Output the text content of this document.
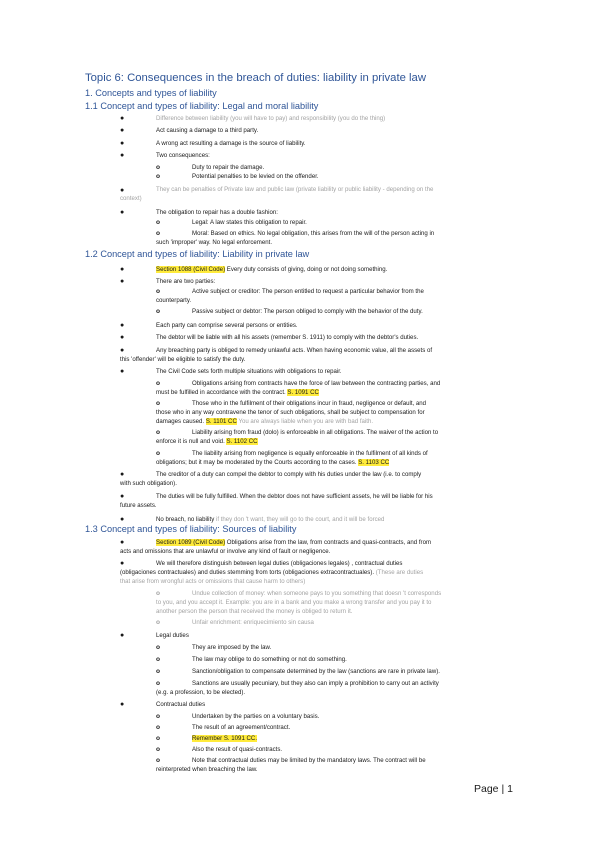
Topic 6: Consequences in the breach of duties: liability in private law
1. Concepts and types of liability
1.1 Concept and types of liability: Legal and moral liability
●	Difference between liability (you will have to pay) and responsibility (you do the thing)
●	Act causing a damage to a third party.
●	A wrong act resulting a damage is the source of liability.
●	Two consequences:
o	Duty to repair the damage.
o	Potential penalties to be levied on the offender.
●	They can be penalties of Private law and public law (private liability or public liability - depending on the
context)
●	The obligation to repair has a double fashion:
o	Legal: A law states this obligation to repair.
o	Moral: Based on ethics. No legal obligation, this arises from the will of the person acting in
such 'improper' way. No legal enforcement.
1.2 Concept and types of liability: Liability in private law
●	Section 1088 (Civil Code) Every duty consists of giving, doing or not doing something.
●	There are two parties:
o	Active subject or creditor: The person entitled to request a particular behavior from the
counterparty.
o	Passive subject or debtor: The person obliged to comply with the behavior of the duty.
●	Each party can comprise several persons or entities.
●	The debtor will be liable with all his assets (remember S. 1911) to comply with the debtor's duties.
●	Any breaching party is obliged to remedy unlawful acts. When having economic value, all the assets of
this 'offender' will be eligible to satisfy the duty.
●	The Civil Code sets forth multiple situations with obligations to repair.
o	Obligations arising from contracts have the force of law between the contracting parties, and
must be fulfilled in accordance with the contract. S. 1091 CC
o	Those who in the fulfilment of their obligations incur in fraud, negligence or default, and
those who in any way contravene the tenor of such obligations, shall be subject to compensation for
damages caused. S. 1101 CC You are always liable when you are with bad faith.
o	Liability arising from fraud (dolo) is enforceable in all obligations. The waiver of the action to
enforce it is null and void. S. 1102 CC
o	The liability arising from negligence is equally enforceable in the fulfilment of all kinds of
obligations; but it may be moderated by the Courts according to the cases. S. 1103 CC
●	The creditor of a duty can compel the debtor to comply with his duties under the law (i.e. to comply
with such obligation).
●	The duties will be fully fulfilled. When the debtor does not have sufficient assets, he will be liable for his
future assets.
●	No breach, no liability if they don 't want, they will go to the court, and it will be forced
1.3 Concept and types of liability: Sources of liability
●	Section 1089 (Civil Code) Obligations arise from the law, from contracts and quasi-contracts, and from
acts and omissions that are unlawful or involve any kind of fault or negligence.
●	We will therefore distinguish between legal duties (obligaciones legales) , contractual duties
(obligaciones contractuales) and duties stemming from torts (obligaciones extracontractuales). (These are duties
that arise from wrongful acts or omissions that cause harm to others)
o	Undue collection of money: when someone pays to you something that doesn 't corresponds
to you, and you accept it. Example: you are in a bank and you make a wrong transfer and you pay it to
another person the person that received the money is obliged to return it.
o	Unfair enrichment: enriquecimiento sin causa
●	Legal duties
o	They are imposed by the law.
o	The law may oblige to do something or not do something.
o	Sanction/obligation to compensate determined by the law (sanctions are rare in private law).
o	Sanctions are usually pecuniary, but they also can imply a prohibition to carry out an activity
(e.g. a profession, to be elected).
●	Contractual duties
o	Undertaken by the parties on a voluntary basis.
o	The result of an agreement/contract.
o	Remember S. 1091 CC.
o	Also the result of quasi-contracts.
o	Note that contractual duties may be limited by the mandatory laws. The contract will be
reinterpreted when breaching the law.
Page | 1
